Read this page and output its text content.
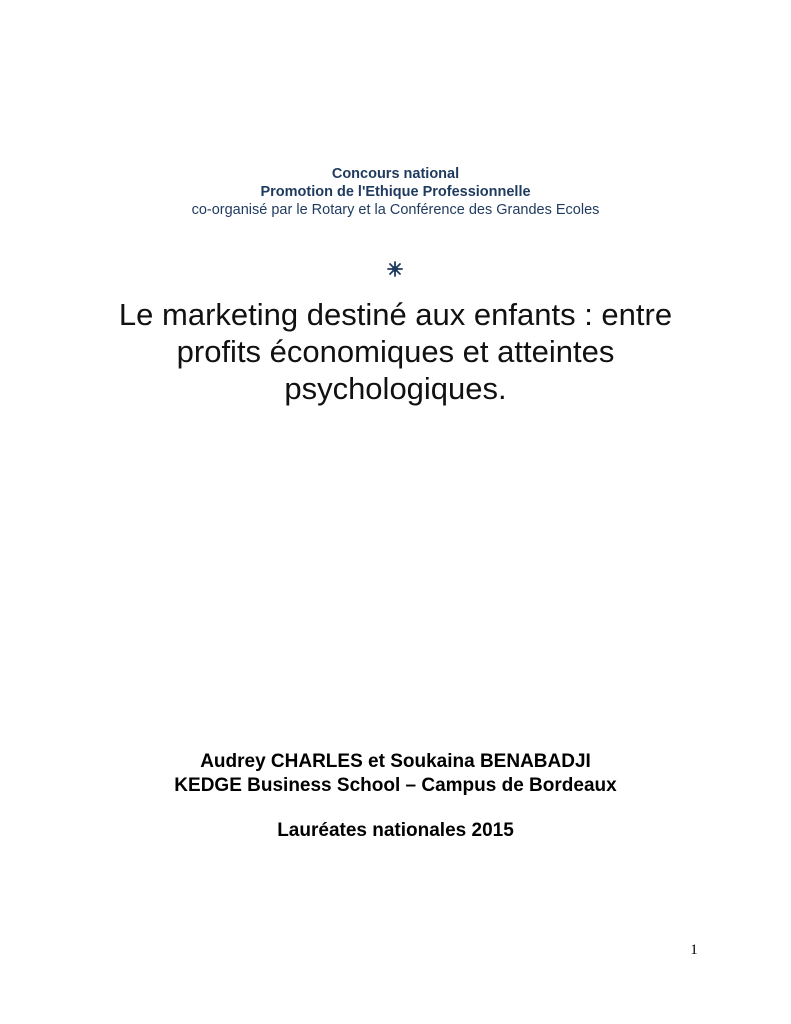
Concours national

Promotion de l'Ethique Professionnelle

co-organisé par le Rotary et la Conférence des Grandes Ecoles

Le marketing destiné aux enfants : entre
profits économiques et atteintes
psychologiques.

Audrey CHARLES et Soukaina BENABADJI

KEDGE Business School – Campus de Bordeaux

Lauréates nationales 2015

1
